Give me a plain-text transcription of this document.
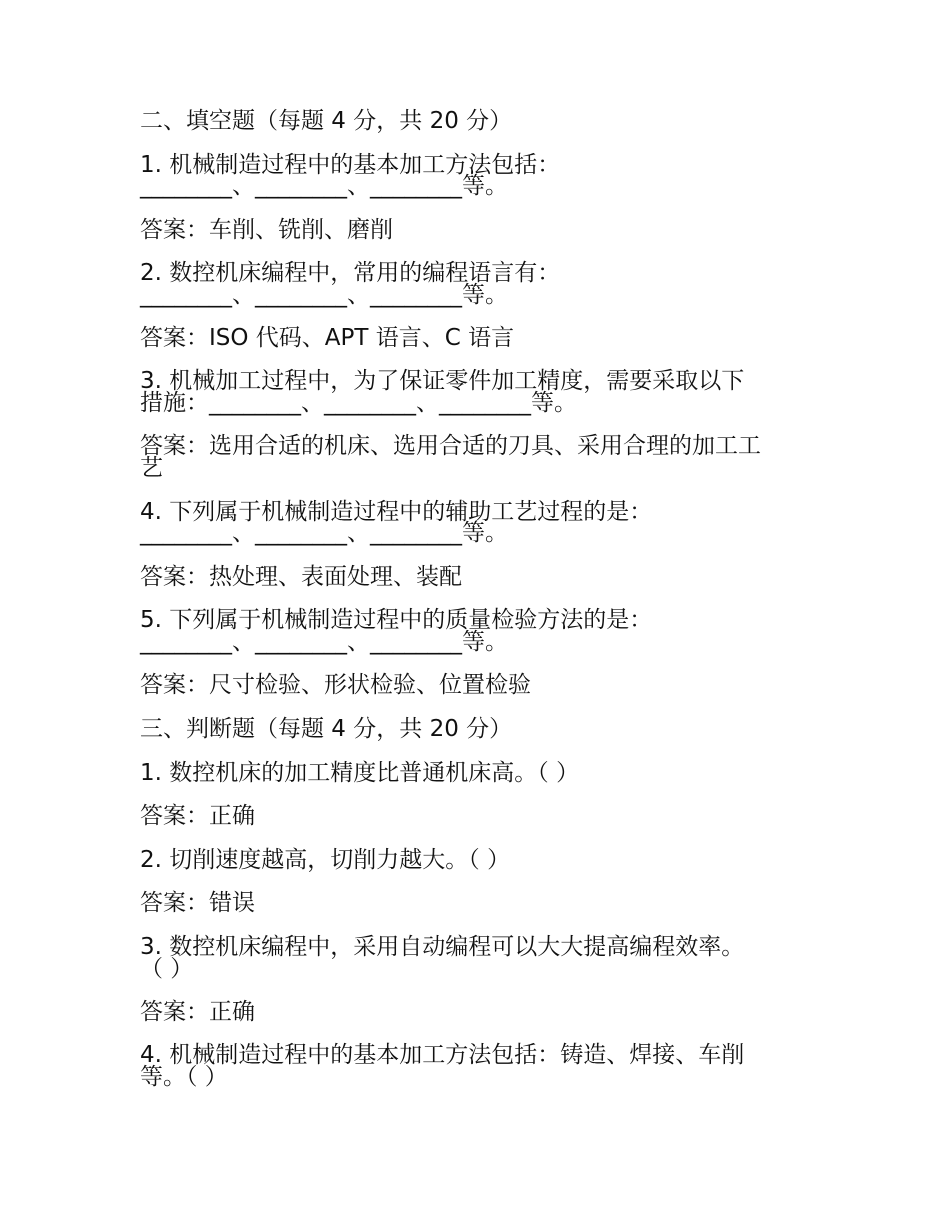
二、填空题（每题 4 分，共 20 分）
1. 机械制造过程中的基本加工方法包括：
________、________、________等。
答案：车削、铣削、磨削
2. 数控机床编程中，常用的编程语言有：
________、________、________等。
答案：ISO 代码、APT 语言、C 语言
3. 机械加工过程中，为了保证零件加工精度，需要采取以下
措施：________、________、________等。
答案：选用合适的机床、选用合适的刀具、采用合理的加工工
艺
4. 下列属于机械制造过程中的辅助工艺过程的是：
________、________、________等。
答案：热处理、表面处理、装配
5. 下列属于机械制造过程中的质量检验方法的是：
________、________、________等。
答案：尺寸检验、形状检验、位置检验
三、判断题（每题 4 分，共 20 分）
1. 数控机床的加工精度比普通机床高。（ ）
答案：正确
2. 切削速度越高，切削力越大。（ ）
答案：错误
3. 数控机床编程中，采用自动编程可以大大提高编程效率。
（ ）
答案：正确
4. 机械制造过程中的基本加工方法包括：铸造、焊接、车削
等。（ ）
